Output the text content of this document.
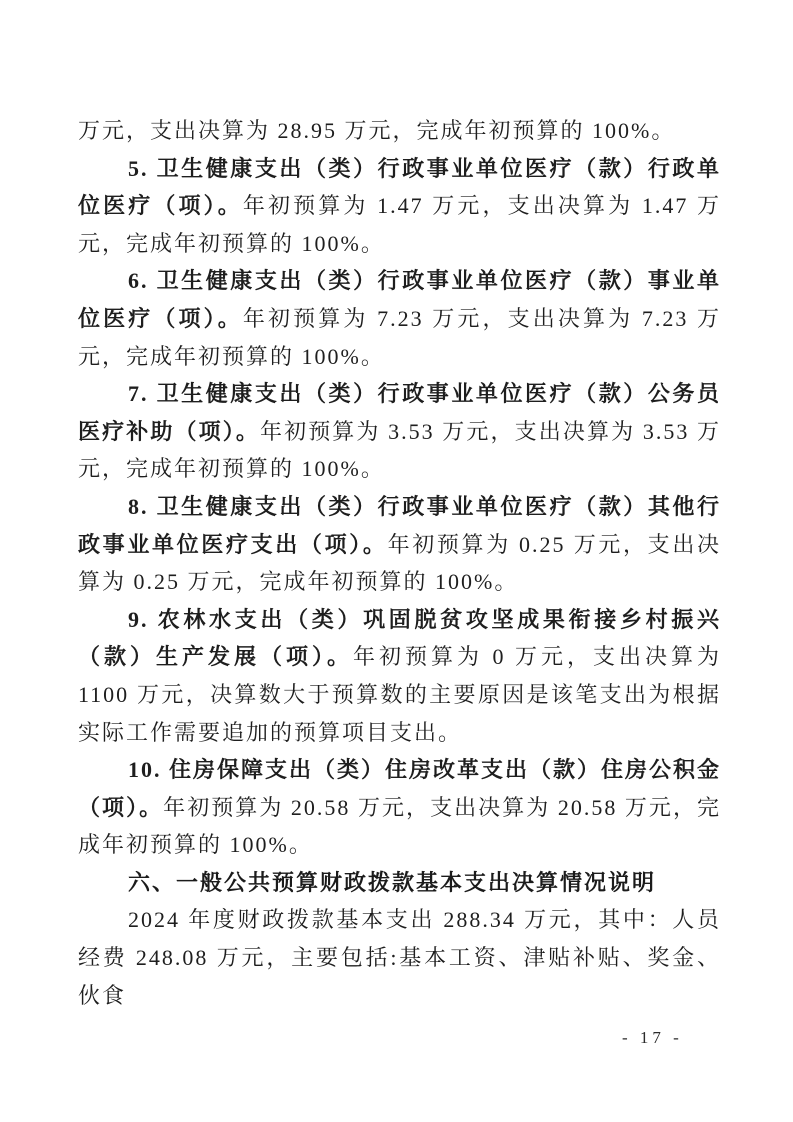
万元，支出决算为 28.95 万元，完成年初预算的 100%。

5. 卫生健康支出（类）行政事业单位医疗（款）行政单位医疗（项）。年初预算为 1.47 万元，支出决算为 1.47 万元，完成年初预算的 100%。

6. 卫生健康支出（类）行政事业单位医疗（款）事业单位医疗（项）。年初预算为 7.23 万元，支出决算为 7.23 万元，完成年初预算的 100%。

7. 卫生健康支出（类）行政事业单位医疗（款）公务员医疗补助（项）。年初预算为 3.53 万元，支出决算为 3.53 万元，完成年初预算的 100%。

8. 卫生健康支出（类）行政事业单位医疗（款）其他行政事业单位医疗支出（项）。年初预算为 0.25 万元，支出决算为 0.25 万元，完成年初预算的 100%。

9. 农林水支出（类）巩固脱贫攻坚成果衔接乡村振兴（款）生产发展（项）。年初预算为 0 万元，支出决算为 1100 万元，决算数大于预算数的主要原因是该笔支出为根据实际工作需要追加的预算项目支出。

10. 住房保障支出（类）住房改革支出（款）住房公积金（项）。年初预算为 20.58 万元，支出决算为 20.58 万元，完成年初预算的 100%。

六、一般公共预算财政拨款基本支出决算情况说明

2024 年度财政拨款基本支出 288.34 万元，其中：人员经费 248.08 万元，主要包括:基本工资、津贴补贴、奖金、伙食

- 17 -
